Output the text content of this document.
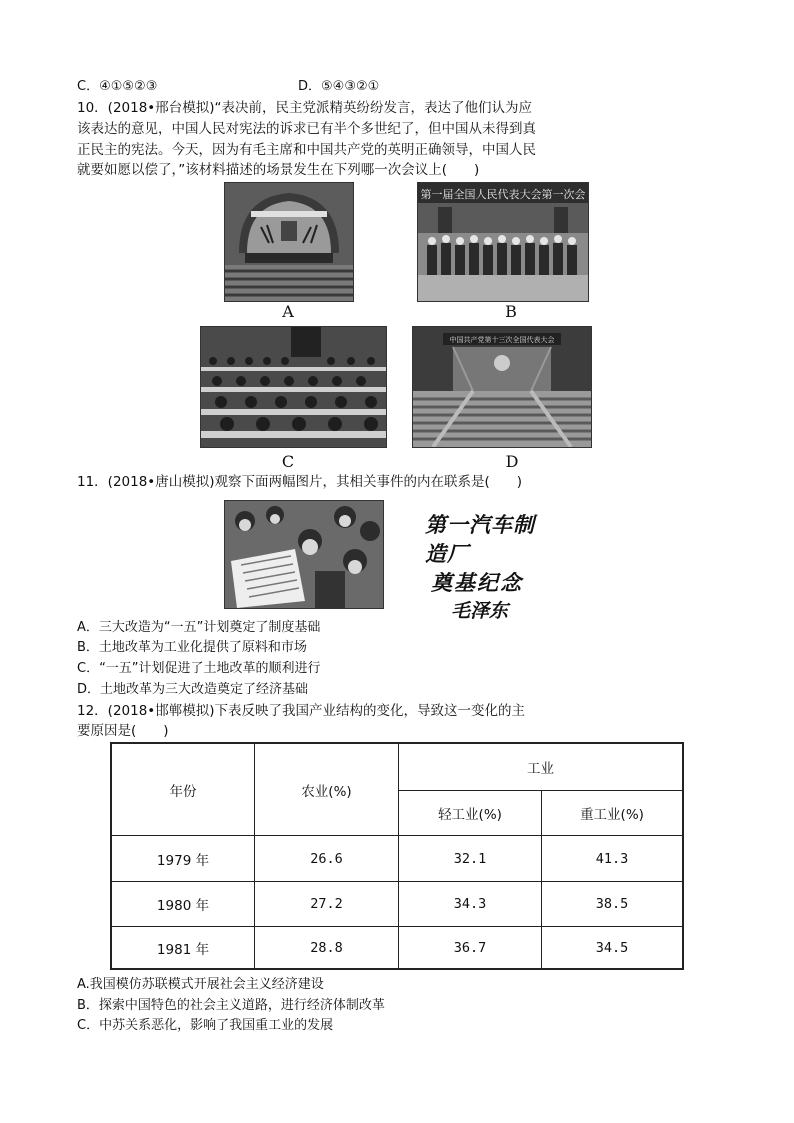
C．④①⑤②③	D．⑤④③②①
10．(2018•邢台模拟)“表决前，民主党派精英纷纷发言，表达了他们认为应
该表达的意见，中国人民对宪法的诉求已有半个多世纪了，但中国从未得到真
正民主的宪法。今天，因为有毛主席和中国共产党的英明正确领导，中国人民
就要如愿以偿了，”该材料描述的场景发生在下列哪一次会议上(　　)
A
第一届全国人民代表大会第一次会
B
C
中国共产党第十三次全国代表大会
D
11．(2018•唐山模拟)观察下面两幅图片，其相关事件的内在联系是(　　)
第一汽车制造厂
奠基纪念
毛泽东
A．三大改造为“一五”计划奠定了制度基础
B．土地改革为工业化提供了原料和市场
C．“一五”计划促进了土地改革的顺利进行
D．土地改革为三大改造奠定了经济基础
12．(2018•邯郸模拟)下表反映了我国产业结构的变化，导致这一变化的主
要原因是(　　)
年份	农业(%)
工业
轻工业(%)	重工业(%)
1979 年	26.6	32.1	41.3
1980 年	27.2	34.3	38.5
1981 年	28.8	36.7	34.5
A.我国模仿苏联模式开展社会主义经济建设
B．探索中国特色的社会主义道路，进行经济体制改革
C．中苏关系恶化，影响了我国重工业的发展
